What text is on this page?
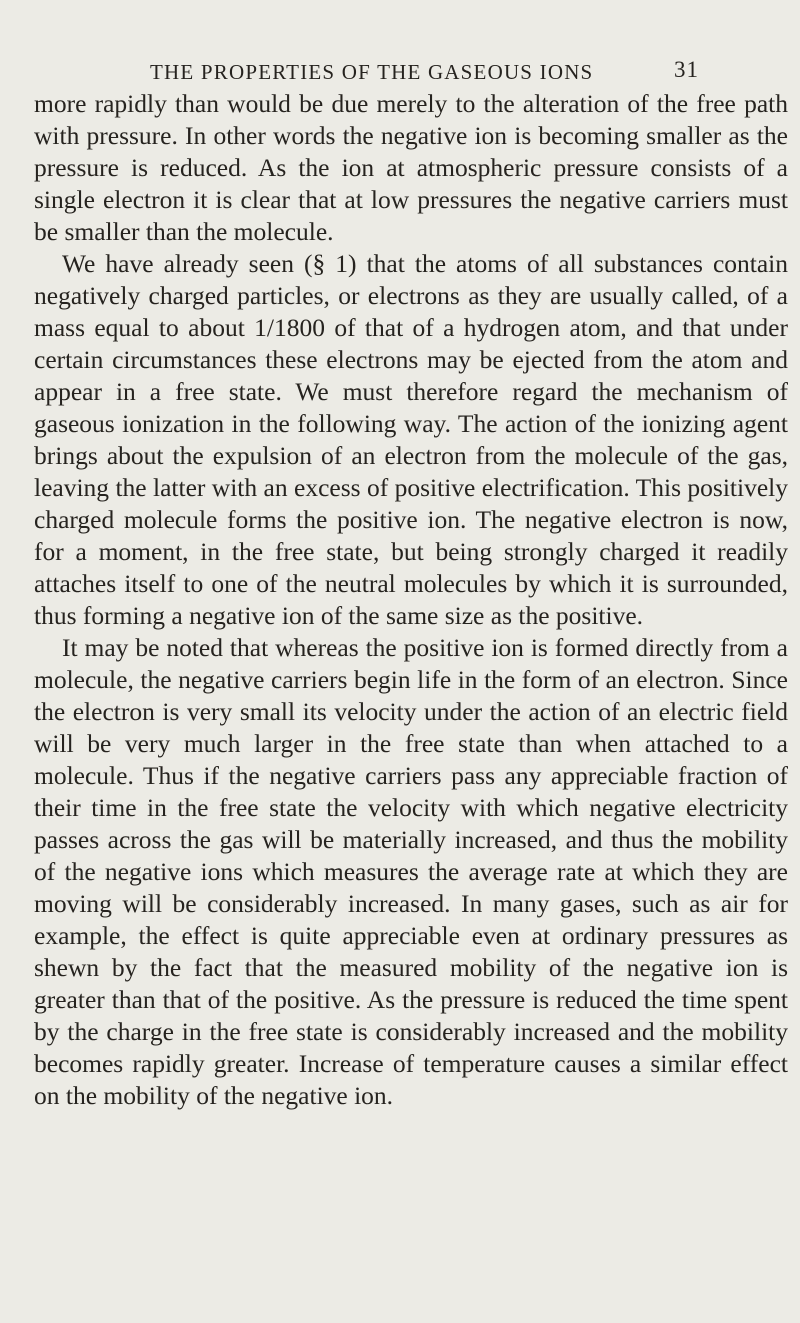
THE PROPERTIES OF THE GASEOUS IONS	31

more rapidly than would be due merely to the alteration of the free path with pressure. In other words the negative ion is becoming smaller as the pressure is reduced. As the ion at atmospheric pressure consists of a single electron it is clear that at low pressures the negative carriers must be smaller than the molecule.

We have already seen (§ 1) that the atoms of all substances contain negatively charged particles, or electrons as they are usually called, of a mass equal to about 1/1800 of that of a hydrogen atom, and that under certain circumstances these electrons may be ejected from the atom and appear in a free state. We must therefore regard the mechanism of gaseous ionization in the following way. The action of the ionizing agent brings about the expulsion of an electron from the molecule of the gas, leaving the latter with an excess of positive electrification. This positively charged molecule forms the positive ion. The negative electron is now, for a moment, in the free state, but being strongly charged it readily attaches itself to one of the neutral molecules by which it is surrounded, thus forming a negative ion of the same size as the positive.

It may be noted that whereas the positive ion is formed directly from a molecule, the negative carriers begin life in the form of an electron. Since the electron is very small its velocity under the action of an electric field will be very much larger in the free state than when attached to a molecule. Thus if the negative carriers pass any appreciable fraction of their time in the free state the velocity with which negative electricity passes across the gas will be materially increased, and thus the mobility of the negative ions which measures the average rate at which they are moving will be considerably increased. In many gases, such as air for example, the effect is quite appreciable even at ordinary pressures as shewn by the fact that the measured mobility of the negative ion is greater than that of the positive. As the pressure is reduced the time spent by the charge in the free state is considerably increased and the mobility becomes rapidly greater. Increase of temperature causes a similar effect on the mobility of the negative ion.
